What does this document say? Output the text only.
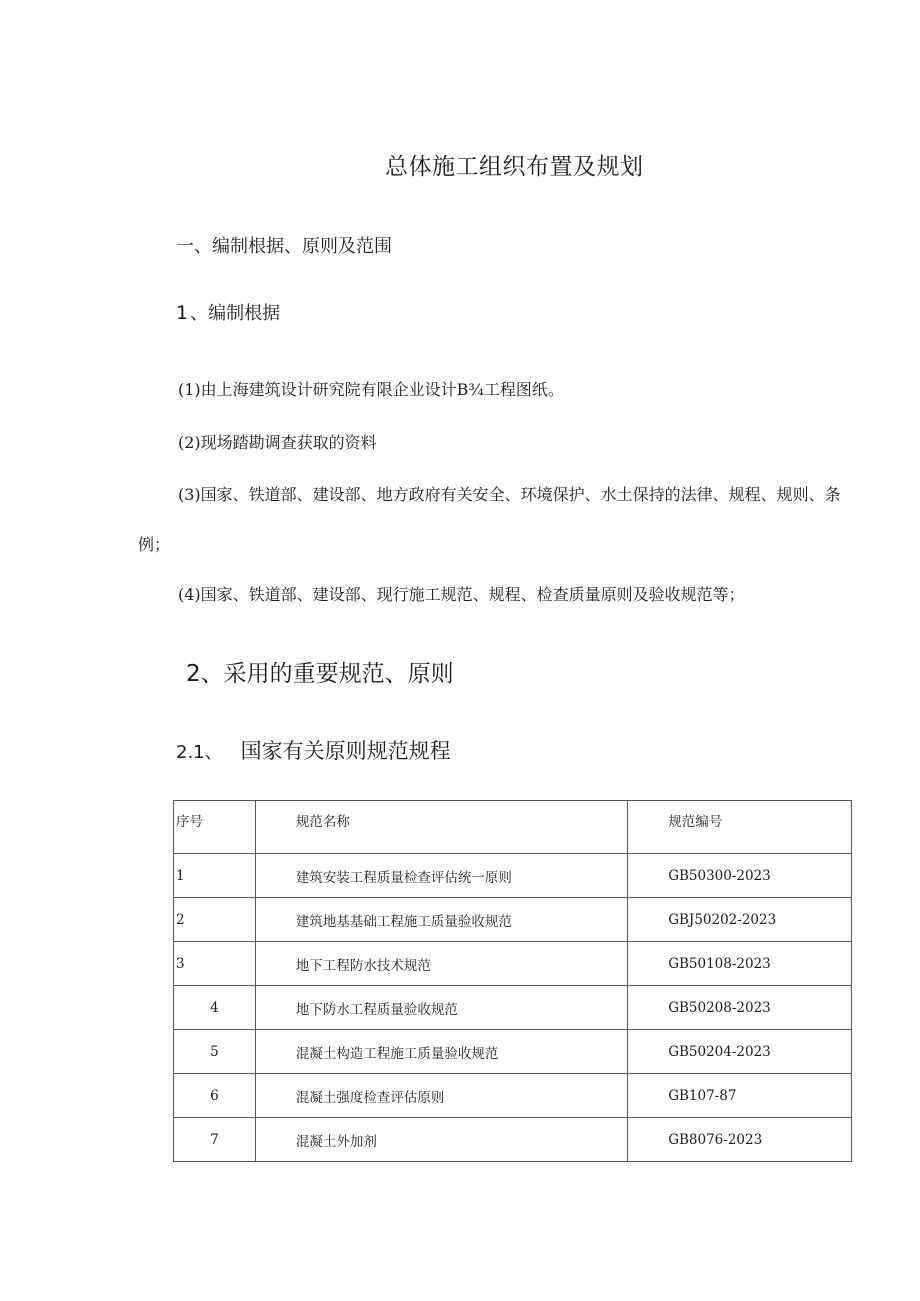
总体施工组织布置及规划
一、编制根据、原则及范围
1 、编制根据
(1)由上海建筑设计研究院有限企业设计B¾工程图纸。
(2)现场踏勘调查获取的资料
(3)国家、铁道部、建设部、地方政府有关安全、环境保护、水土保持的法律、规程、规则、条
例；
(4)国家、铁道部、建设部、现行施工规范、规程、检查质量原则及验收规范等；
2、采用的重要规范、原则
2.1、 国家有关原则规范规程
序号	规范名称	规范编号
1	建筑安装工程质量检查评估统一原则	GB50300-2023
2	建筑地基基础工程施工质量验收规范	GBJ50202-2023
3	地下工程防水技术规范	GB50108-2023
4	地下防水工程质量验收规范	GB50208-2023
5	混凝土构造工程施工质量验收规范	GB50204-2023
6	混凝土强度检查评估原则	GB107-87
7	混凝土外加剂	GB8076-2023
